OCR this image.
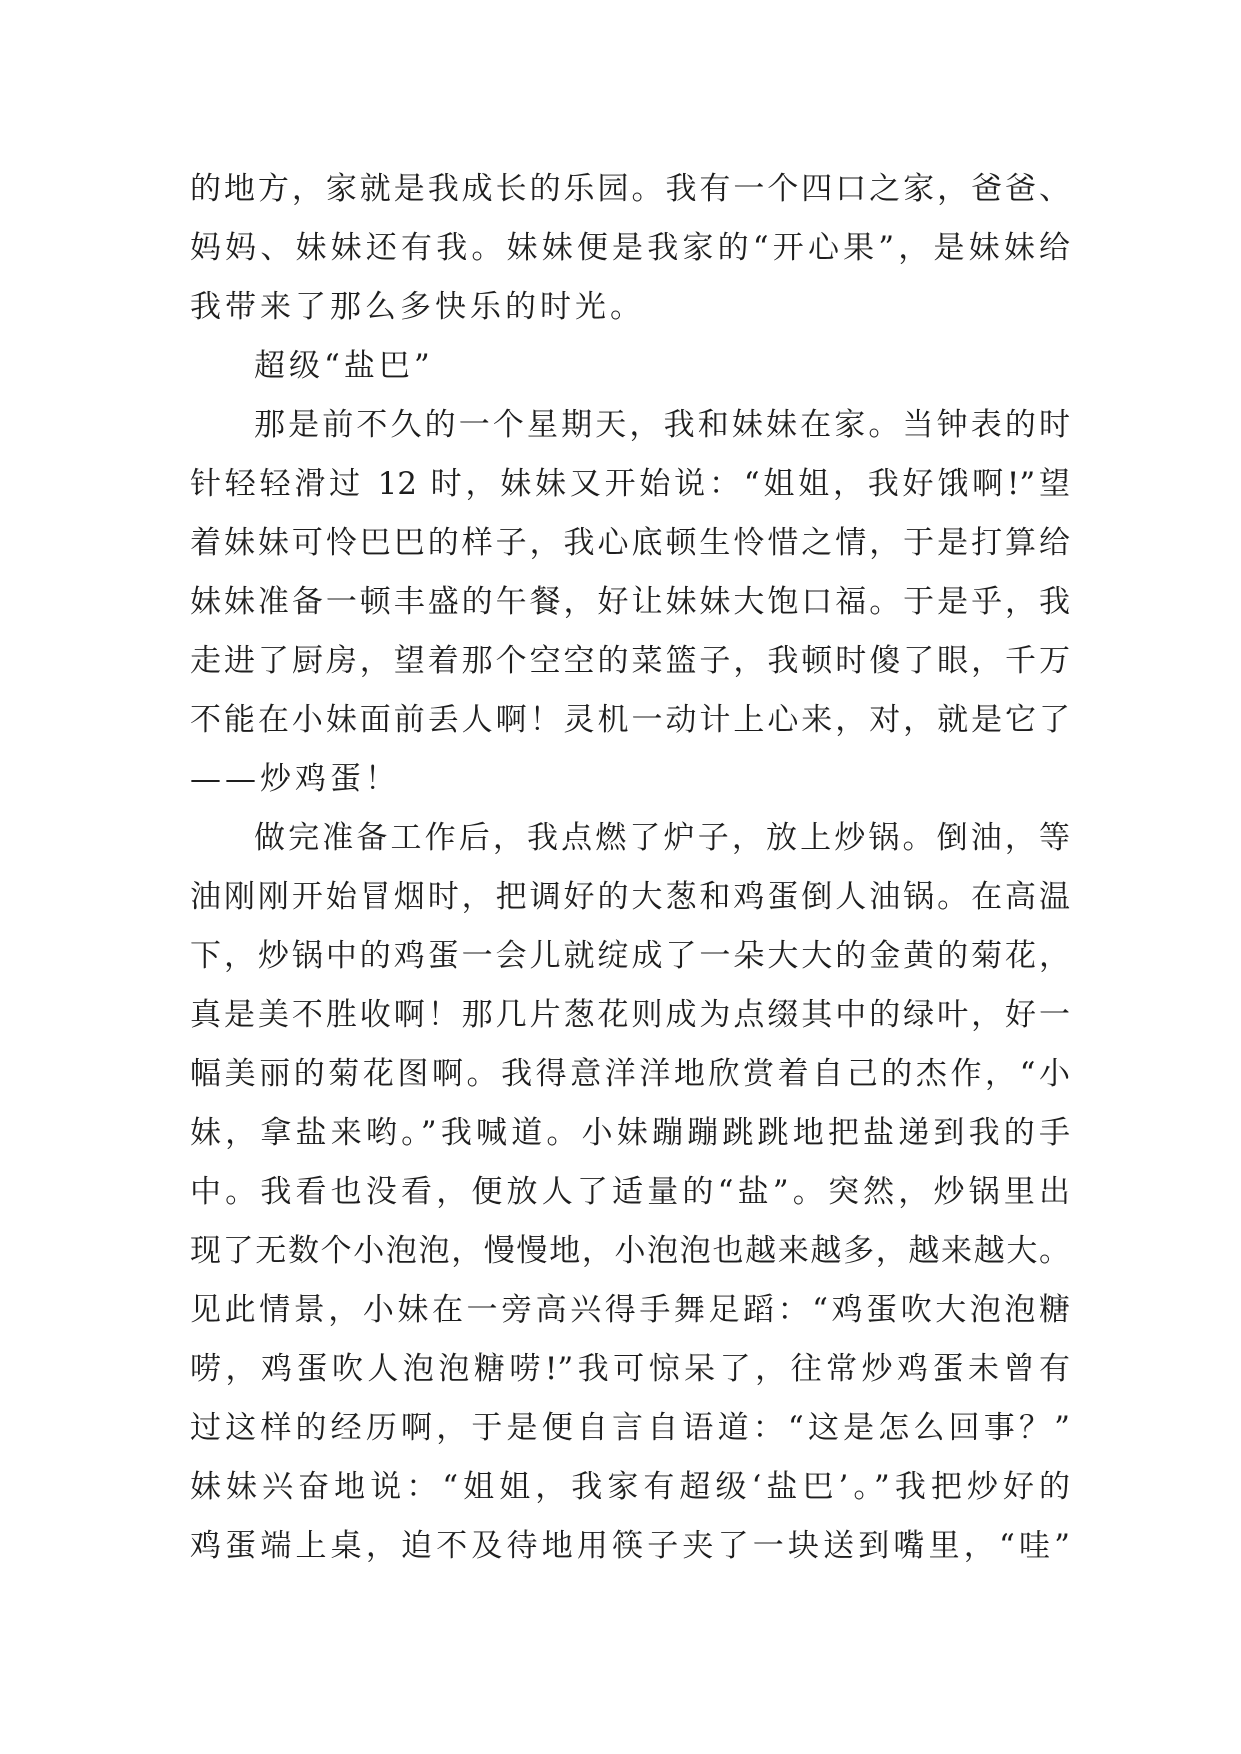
的地方，家就是我成长的乐园。我有一个四口之家，爸爸、
妈妈、妹妹还有我。妹妹便是我家的“开心果”，是妹妹给
我带来了那么多快乐的时光。
超级“盐巴”
那是前不久的一个星期天，我和妹妹在家。当钟表的时
针轻轻滑过 12 时，妹妹又开始说：“姐姐，我好饿啊!”望
着妹妹可怜巴巴的样子，我心底顿生怜惜之情，于是打算给
妹妹准备一顿丰盛的午餐，好让妹妹大饱口福。于是乎，我
走进了厨房，望着那个空空的菜篮子，我顿时傻了眼，千万
不能在小妹面前丢人啊！灵机一动计上心来，对，就是它了
——炒鸡蛋！
做完准备工作后，我点燃了炉子，放上炒锅。倒油，等
油刚刚开始冒烟时，把调好的大葱和鸡蛋倒人油锅。在高温
下，炒锅中的鸡蛋一会儿就绽成了一朵大大的金黄的菊花，
真是美不胜收啊！那几片葱花则成为点缀其中的绿叶，好一
幅美丽的菊花图啊。我得意洋洋地欣赏着自己的杰作，“小
妹，拿盐来哟。”我喊道。小妹蹦蹦跳跳地把盐递到我的手
中。我看也没看，便放人了适量的“盐”。突然，炒锅里出
现了无数个小泡泡，慢慢地，小泡泡也越来越多，越来越大。
见此情景，小妹在一旁高兴得手舞足蹈：“鸡蛋吹大泡泡糖
唠，鸡蛋吹人泡泡糖唠!”我可惊呆了，往常炒鸡蛋未曾有
过这样的经历啊，于是便自言自语道：“这是怎么回事？”
妹妹兴奋地说：“姐姐，我家有超级‘盐巴’。”我把炒好的
鸡蛋端上桌，迫不及待地用筷子夹了一块送到嘴里，“哇”
